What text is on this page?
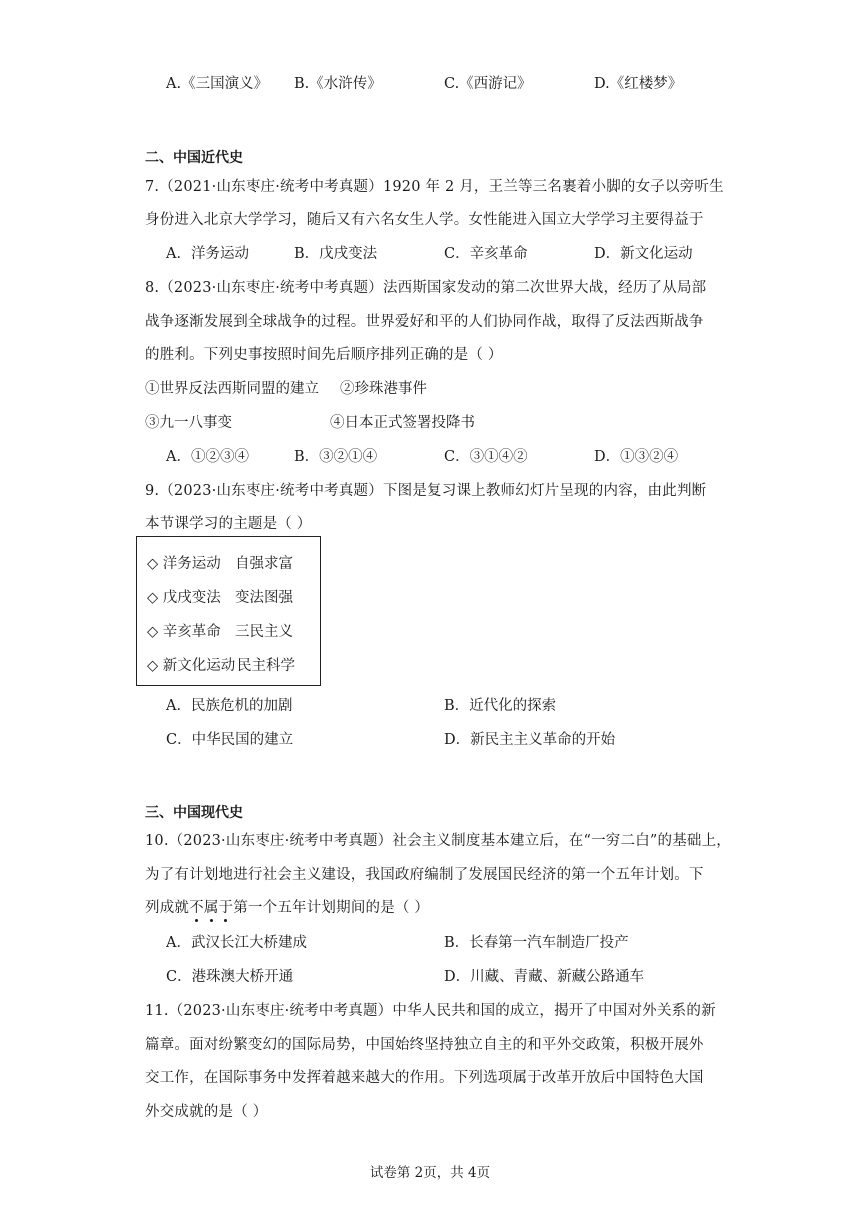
A.《三国演义》 B.《水浒传》	C.《西游记》	D.《红楼梦》
二、中国近代史
7.（2021·山东枣庄·统考中考真题）1920 年 2 月，王兰等三名裹着小脚的女子以旁听生
身份进入北京大学学习，随后又有六名女生人学。女性能进入国立大学学习主要得益于
A．洋务运动	B．戊戌变法	C．辛亥革命	D．新文化运动
8.（2023·山东枣庄·统考中考真题）法西斯国家发动的第二次世界大战，经历了从局部
战争逐渐发展到全球战争的过程。世界爱好和平的人们协同作战，取得了反法西斯战争
的胜利。下列史事按照时间先后顺序排列正确的是（ ）
①世界反法西斯同盟的建立 ②珍珠港事件
③九一八事变	④日本正式签署投降书
A．①②③④	B．③②①④	C．③①④②	D．①③②④
9.（2023·山东枣庄·统考中考真题）下图是复习课上教师幻灯片呈现的内容，由此判断
本节课学习的主题是（ ）
◇ 洋务运动 自强求富
◇ 戊戌变法 变法图强
◇ 辛亥革命 三民主义
◇ 新文化运动 民主科学
A．民族危机的加剧	B．近代化的探索
C．中华民国的建立	D．新民主主义革命的开始
三、中国现代史
10.（2023·山东枣庄·统考中考真题）社会主义制度基本建立后，在“一穷二白”的基础上，
为了有计划地进行社会主义建设，我国政府编制了发展国民经济的第一个五年计划。下
列成就不
属
于
第一个五年计划期间的是（ ）
A．武汉长江大桥建成	B．长春第一汽车制造厂投产
C．港珠澳大桥开通	D．川藏、青藏、新藏公路通车
11.（2023·山东枣庄·统考中考真题）中华人民共和国的成立，揭开了中国对外关系的新
篇章。面对纷繁变幻的国际局势，中国始终坚持独立自主的和平外交政策，积极开展外
交工作，在国际事务中发挥着越来越大的作用。下列选项属于改革开放后中国特色大国
外交成就的是（ ）
试卷第 2页，共 4页
